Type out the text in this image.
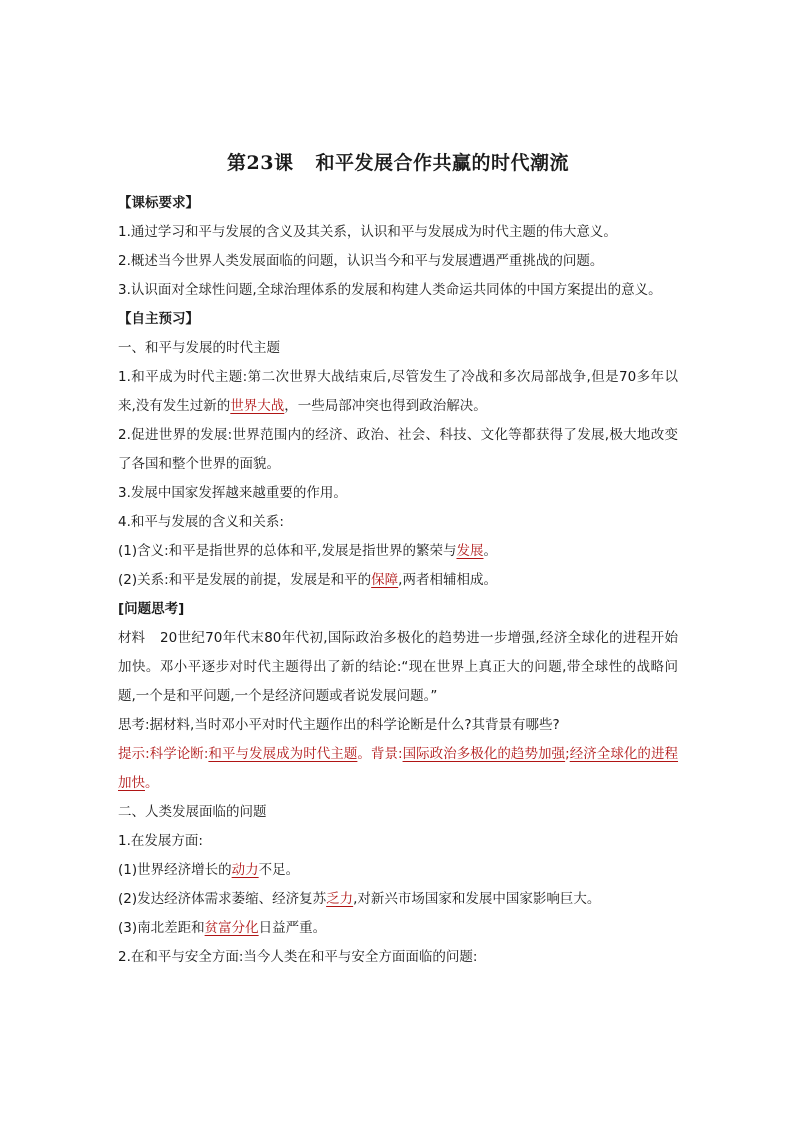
第23课 和平发展合作共赢的时代潮流

【课标要求】

1.通过学习和平与发展的含义及其关系，认识和平与发展成为时代主题的伟大意义。

2.概述当今世界人类发展面临的问题，认识当今和平与发展遭遇严重挑战的问题。

3.认识面对全球性问题,全球治理体系的发展和构建人类命运共同体的中国方案提出的意义。

【自主预习】

一、和平与发展的时代主题

1.和平成为时代主题:第二次世界大战结束后,尽管发生了冷战和多次局部战争,但是70多年以来,没有发生过新的世界大战，一些局部冲突也得到政治解决。

2.促进世界的发展:世界范围内的经济、政治、社会、科技、文化等都获得了发展,极大地改变了各国和整个世界的面貌。

3.发展中国家发挥越来越重要的作用。

4.和平与发展的含义和关系:

(1)含义:和平是指世界的总体和平,发展是指世界的繁荣与发展。

(2)关系:和平是发展的前提，发展是和平的保障,两者相辅相成。

[问题思考]

材料 20世纪70年代末80年代初,国际政治多极化的趋势进一步增强,经济全球化的进程开始加快。邓小平逐步对时代主题得出了新的结论:“现在世界上真正大的问题,带全球性的战略问题,一个是和平问题,一个是经济问题或者说发展问题。”

思考:据材料,当时邓小平对时代主题作出的科学论断是什么?其背景有哪些?

提示:科学论断:和平与发展成为时代主题。背景:国际政治多极化的趋势加强;经济全球化的进程加快。

二、人类发展面临的问题

1.在发展方面:

(1)世界经济增长的动力不足。

(2)发达经济体需求萎缩、经济复苏乏力,对新兴市场国家和发展中国家影响巨大。

(3)南北差距和贫富分化日益严重。

2.在和平与安全方面:当今人类在和平与安全方面面临的问题:
